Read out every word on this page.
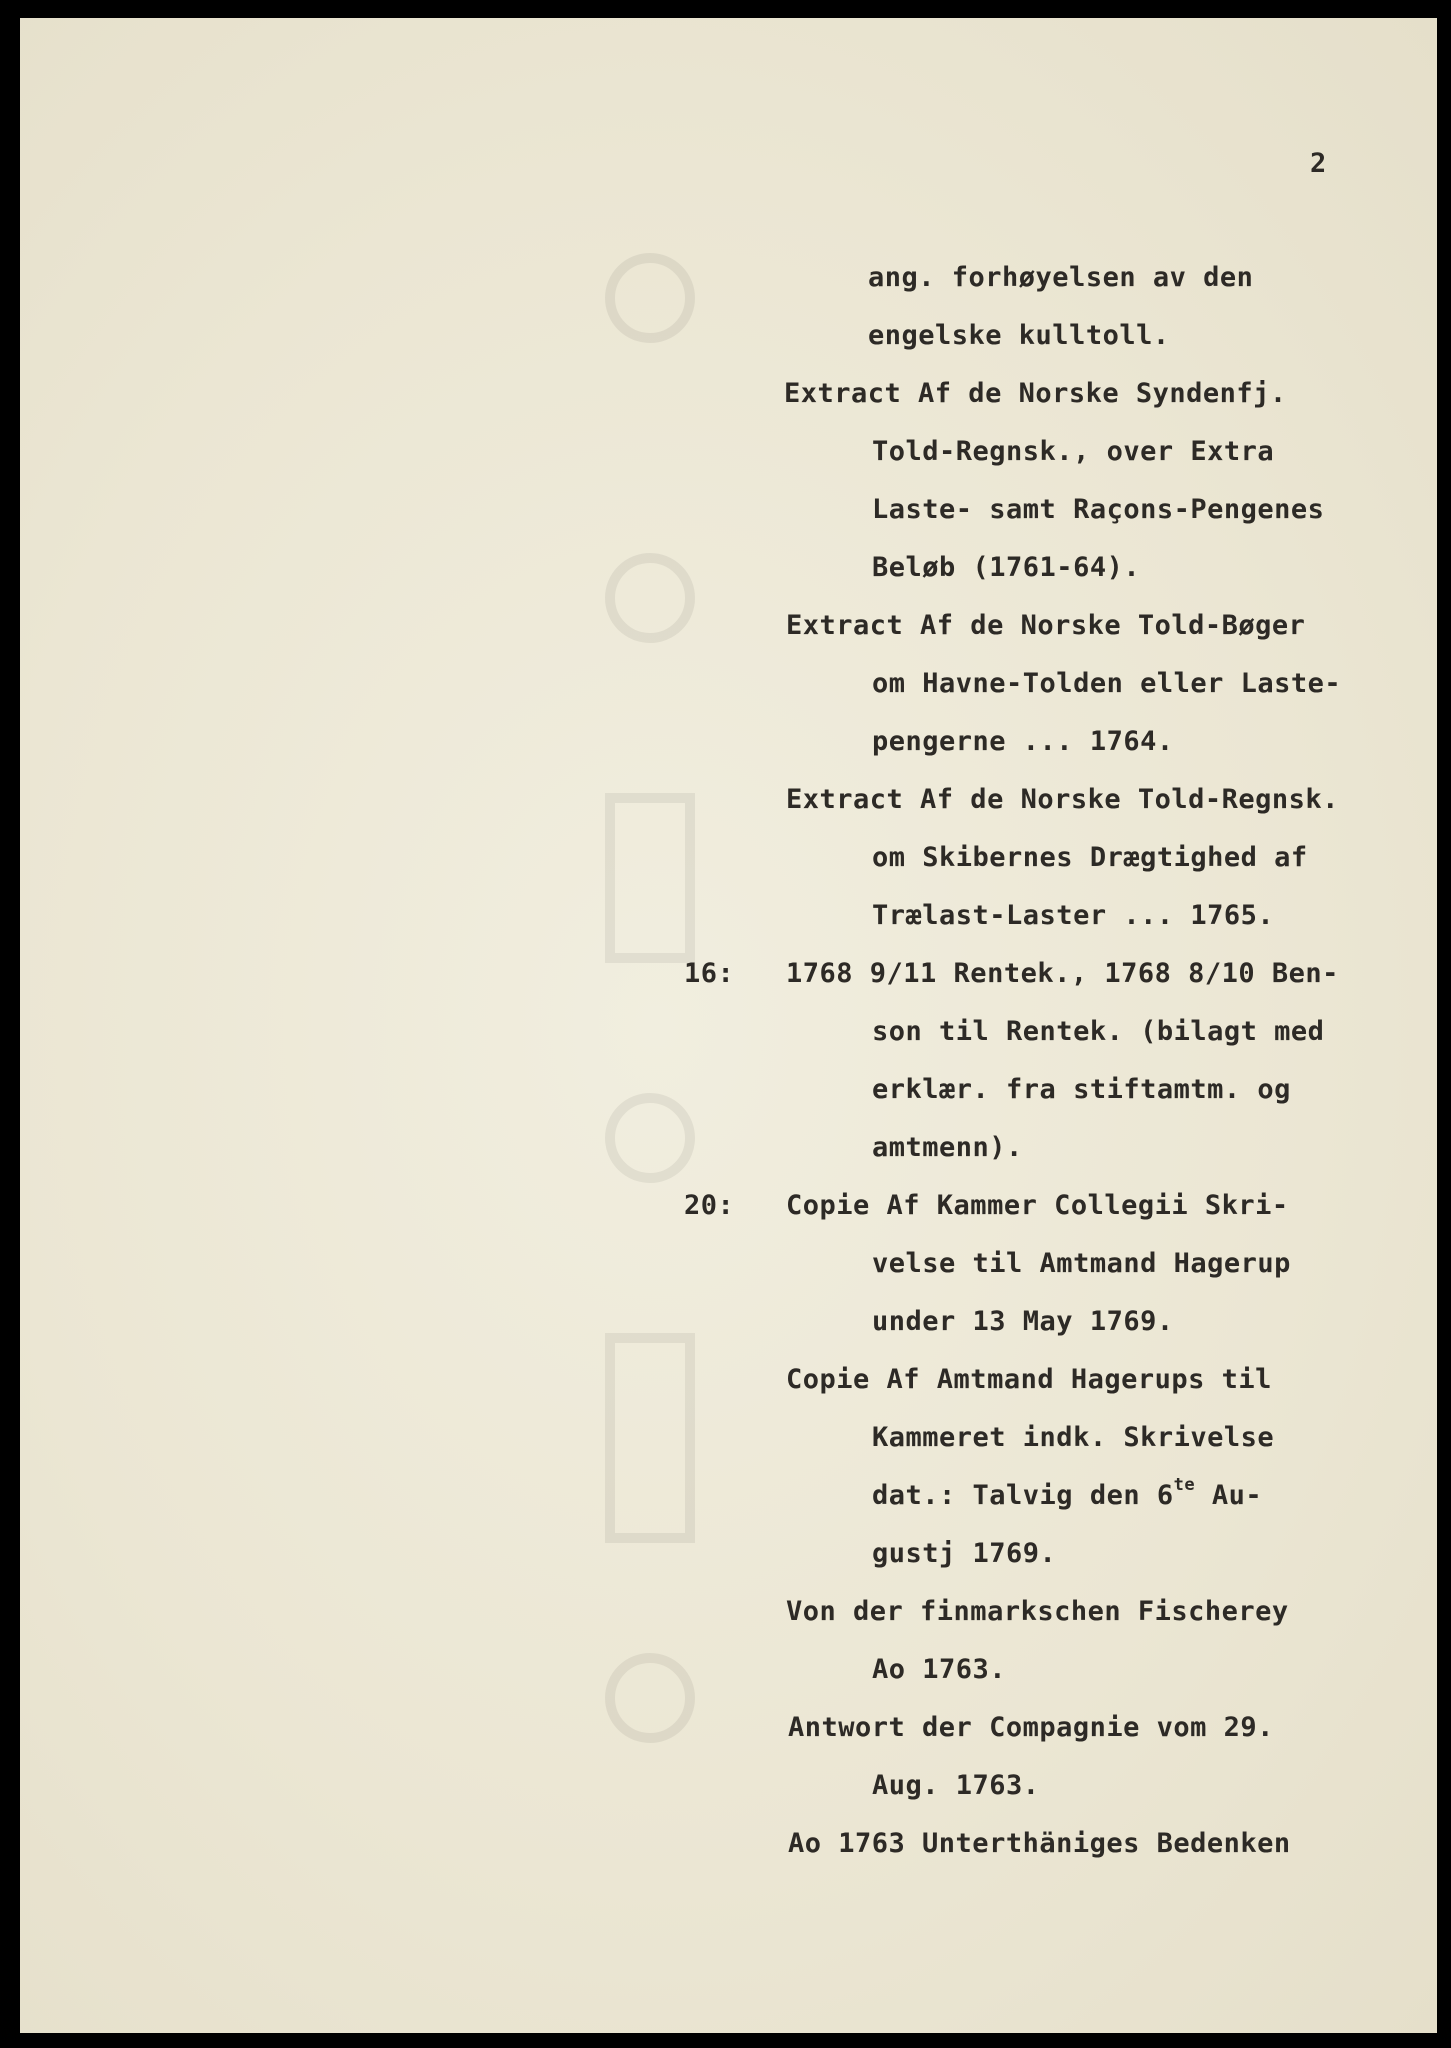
2
ang. forhøyelsen av den
engelske kulltoll.
Extract Af de Norske Syndenfj.
Told-Regnsk., over Extra
Laste- samt Raçons-Pengenes
Beløb (1761-64).
Extract Af de Norske Told-Bøger
om Havne-Tolden eller Laste-
pengerne ... 1764.
Extract Af de Norske Told-Regnsk.
om Skibernes Drægtighed af
Trælast-Laster ... 1765.
16: 1768 9/11 Rentek., 1768 8/10 Ben-
son til Rentek. (bilagt med
erklær. fra stiftamtm. og
amtmenn).
20: Copie Af Kammer Collegii Skri-
velse til Amtmand Hagerup
under 13 May 1769.
Copie Af Amtmand Hagerups til
Kammeret indk. Skrivelse
dat.: Talvig den $6^{te}$ Au-
gustj 1769.
Von der finmarkschen Fischerey
Ao 1763.
Antwort der Compagnie vom 29.
Aug. 1763.
Ao 1763 Unterthäniges Bedenken
